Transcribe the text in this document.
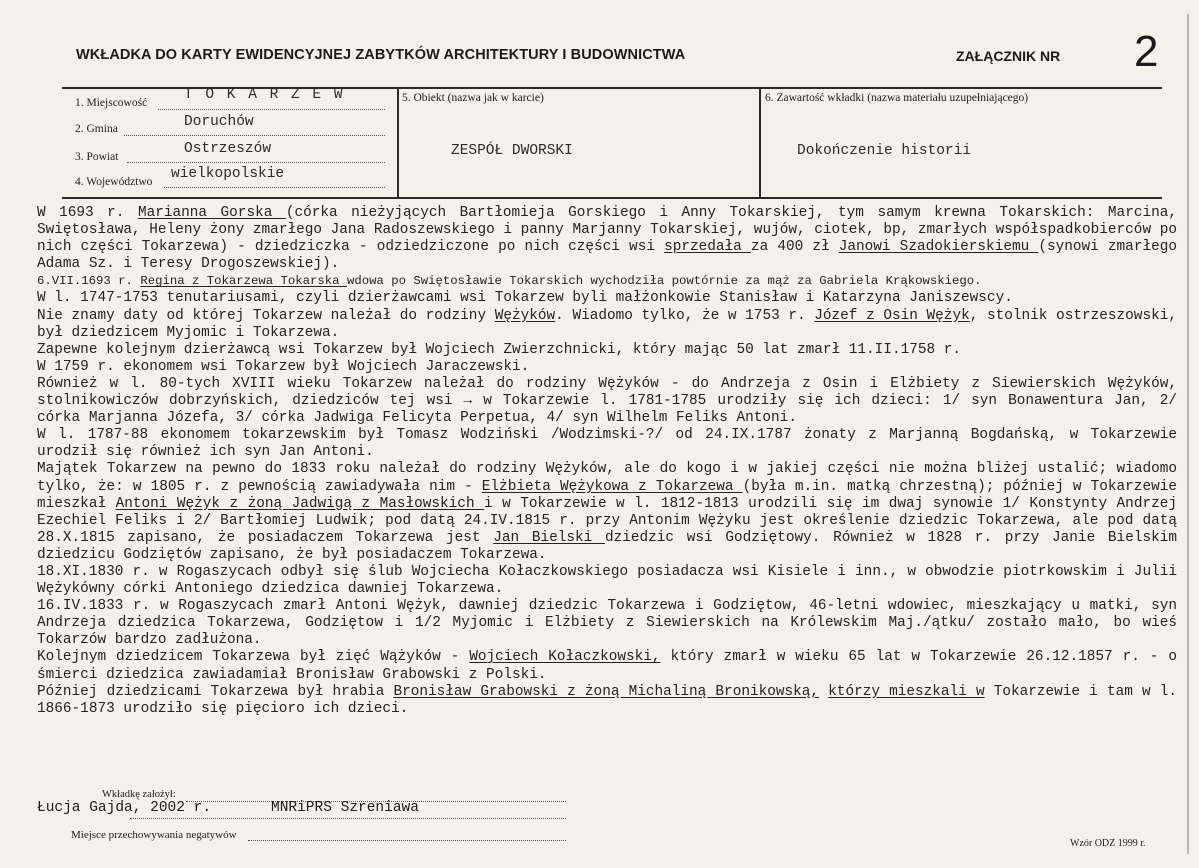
WKŁADKA DO KARTY EWIDENCYJNEJ ZABYTKÓW ARCHITEKTURY I BUDOWNICTWA	ZAŁĄCZNIK NR 2
1. Miejscowość	T O K A R Z E W
2. Gmina	Doruchów
3. Powiat	Ostrzeszów
4. Województwo wielkopolskie
5. Obiekt (nazwa jak w karcie)
ZESPÓŁ DWORSKI
6. Zawartość wkładki (nazwa materiału uzupełniającego)
Dokończenie historii

W 1693 r. Marianna Gorska (córka nieżyjących Bartłomieja Gorskiego i Anny Tokarskiej, tym samym krewna Tokarskich: Marcina, Swiętosława, Heleny żony zmarłego Jana Radoszewskiego i panny Marjanny Tokarskiej, wujów, ciotek, bp, zmarłych współspadkobierców po nich części Tokarzewa) - dziedziczka - odziedziczone po nich części wsi sprzedała za 400 zł Janowi Szadokierskiemu (synowi zmarłego Adama Sz. i Teresy Drogoszewskiej).

6.VII.1693 r. Regina z Tokarzewa Tokarska wdowa po Swiętosławie Tokarskich wychodziła powtórnie za mąż za Gabriela Krąkowskiego.

W l. 1747-1753 tenutariusami, czyli dzierżawcami wsi Tokarzew byli małżonkowie Stanisław i Katarzyna Janiszewscy.

Nie znamy daty od której Tokarzew należał do rodziny Wężyków. Wiadomo tylko, że w 1753 r. Józef z Osin Wężyk, stolnik ostrzeszowski, był dziedzicem Myjomic i Tokarzewa.

Zapewne kolejnym dzierżawcą wsi Tokarzew był Wojciech Zwierzchnicki, który mając 50 lat zmarł 11.II.1758 r.

W 1759 r. ekonomem wsi Tokarzew był Wojciech Jaraczewski.

Również w l. 80-tych XVIII wieku Tokarzew należał do rodziny Wężyków - do Andrzeja z Osin i Elżbiety z Siewierskich Wężyków, stolnikowiczów dobrzyńskich, dziedziców tej wsi → w Tokarzewie l. 1781-1785 urodziły się ich dzieci: 1/ syn Bonawentura Jan, 2/ córka Marjanna Józefa, 3/ córka Jadwiga Felicyta Perpetua, 4/ syn Wilhelm Feliks Antoni.

W l. 1787-88 ekonomem tokarzewskim był Tomasz Wodziński /Wodzimski-?/ od 24.IX.1787 żonaty z Marjanną Bogdańską, w Tokarzewie urodził się również ich syn Jan Antoni.

Majątek Tokarzew na pewno do 1833 roku należał do rodziny Wężyków, ale do kogo i w jakiej części nie można bliżej ustalić; wiadomo tylko, że: w 1805 r. z pewnością zawiadywała nim - Elżbieta Wężykowa z Tokarzewa (była m.in. matką chrzestną); później w Tokarzewie mieszkał Antoni Wężyk z żoną Jadwigą z Masłowskich i w Tokarzewie w l. 1812-1813 urodzili się im dwaj synowie 1/ Konstynty Andrzej Ezechiel Feliks i 2/ Bartłomiej Ludwik; pod datą 24.IV.1815 r. przy Antonim Wężyku jest określenie dziedzic Tokarzewa, ale pod datą 28.X.1815 zapisano, że posiadaczem Tokarzewa jest Jan Bielski dziedzic wsi Godziętowy. Również w 1828 r. przy Janie Bielskim dziedzicu Godziętów zapisano, że był posiadaczem Tokarzewa.

18.XI.1830 r. w Rogaszycach odbył się ślub Wojciecha Kołaczkowskiego posiadacza wsi Kisiele i inn., w obwodzie piotrkowskim i Julii Wężykówny córki Antoniego dziedzica dawniej Tokarzewa.

16.IV.1833 r. w Rogaszycach zmarł Antoni Wężyk, dawniej dziedzic Tokarzewa i Godziętow, 46-letni wdowiec, mieszkający u matki, syn Andrzeja dziedzica Tokarzewa, Godziętow i 1/2 Myjomic i Elżbiety z Siewierskich na Królewskim Maj./ątku/ zostało mało, bo wieś Tokarzów bardzo zadłużona.

Kolejnym dziedzicem Tokarzewa był zięć Wążyków - Wojciech Kołaczkowski, który zmarł w wieku 65 lat w Tokarzewie 26.12.1857 r. - o śmierci dziedzica zawiadamiał Bronisław Grabowski z Polski.

Później dziedzicami Tokarzewa był hrabia Bronisław Grabowski z żoną Michaliną Bronikowską, którzy mieszkali w Tokarzewie i tam w l. 1866-1873 urodziło się pięcioro ich dzieci.

Wkładkę założył:
Łucja Gajda, 2002 r.	MNRiPRS Szreniawa
Miejsce przechowywania negatywów
Wzór ODZ 1999 r.
